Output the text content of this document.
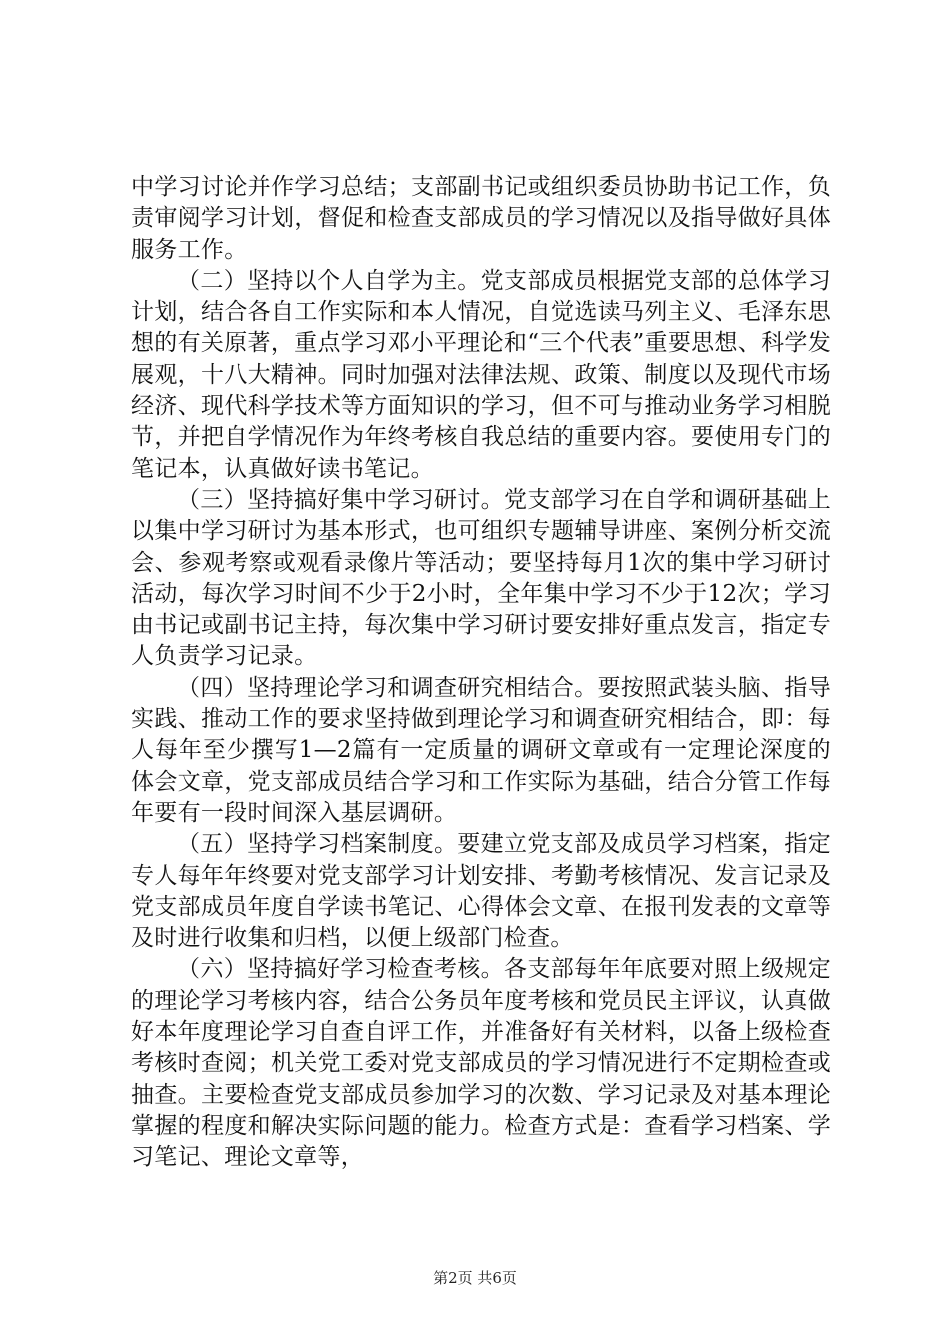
中学习讨论并作学习总结；支部副书记或组织委员协助书记工作，负责审阅学习计划，督促和检查支部成员的学习情况以及指导做好具体服务工作。

（二）坚持以个人自学为主。党支部成员根据党支部的总体学习计划，结合各自工作实际和本人情况，自觉选读马列主义、毛泽东思想的有关原著，重点学习邓小平理论和“三个代表”重要思想、科学发展观，十八大精神。同时加强对法律法规、政策、制度以及现代市场经济、现代科学技术等方面知识的学习，但不可与推动业务学习相脱节，并把自学情况作为年终考核自我总结的重要内容。要使用专门的笔记本，认真做好读书笔记。

（三）坚持搞好集中学习研讨。党支部学习在自学和调研基础上以集中学习研讨为基本形式，也可组织专题辅导讲座、案例分析交流会、参观考察或观看录像片等活动；要坚持每月1次的集中学习研讨活动，每次学习时间不少于2小时，全年集中学习不少于12次；学习由书记或副书记主持，每次集中学习研讨要安排好重点发言，指定专人负责学习记录。

（四）坚持理论学习和调查研究相结合。要按照武装头脑、指导实践、推动工作的要求坚持做到理论学习和调查研究相结合，即：每人每年至少撰写1—2篇有一定质量的调研文章或有一定理论深度的体会文章，党支部成员结合学习和工作实际为基础，结合分管工作每年要有一段时间深入基层调研。

（五）坚持学习档案制度。要建立党支部及成员学习档案，指定专人每年年终要对党支部学习计划安排、考勤考核情况、发言记录及党支部成员年度自学读书笔记、心得体会文章、在报刊发表的文章等及时进行收集和归档，以便上级部门检查。

（六）坚持搞好学习检查考核。各支部每年年底要对照上级规定的理论学习考核内容，结合公务员年度考核和党员民主评议，认真做好本年度理论学习自查自评工作，并准备好有关材料，以备上级检查考核时查阅；机关党工委对党支部成员的学习情况进行不定期检查或抽查。主要检查党支部成员参加学习的次数、学习记录及对基本理论掌握的程度和解决实际问题的能力。检查方式是：查看学习档案、学习笔记、理论文章等，

第2页 共6页
